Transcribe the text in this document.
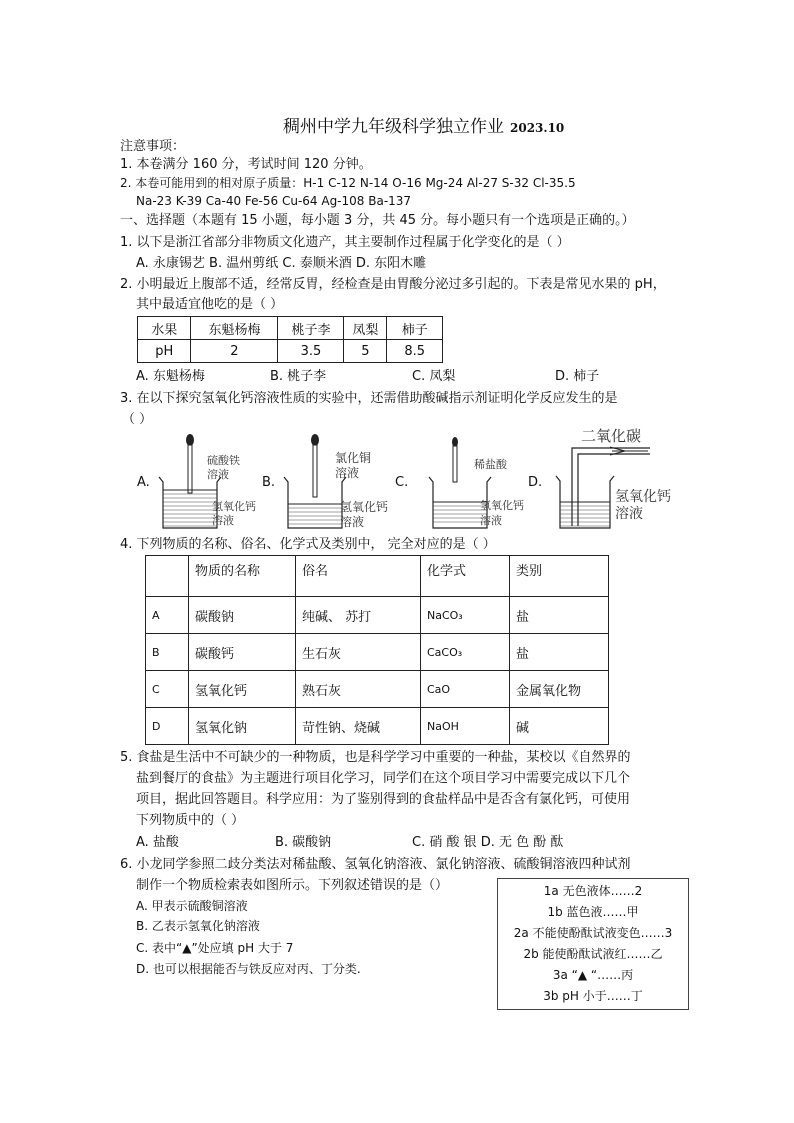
稠州中学九年级科学独立作业 2023.10
注意事项：
1. 本卷满分 160 分，考试时间 120 分钟。
2. 本卷可能用到的相对原子质量：H-1 C-12 N-14 O-16 Mg-24 Al-27 S-32 Cl-35.5
Na-23 K-39 Ca-40 Fe-56 Cu-64 Ag-108 Ba-137
一、选择题（本题有 15 小题，每小题 3 分，共 45 分。每小题只有一个选项是正确的。）
1. 以下是浙江省部分非物质文化遗产，其主要制作过程属于化学变化的是（ ）
A. 永康锡艺 B. 温州剪纸 C. 泰顺米酒 D. 东阳木雕
2. 小明最近上腹部不适，经常反胃，经检查是由胃酸分泌过多引起的。下表是常见水果的 pH，
其中最适宜他吃的是（ ）
水果	东魁杨梅	桃子李	凤梨	柿子
pH	2	3.5	5	8.5
A. 东魁杨梅	B. 桃子李	C. 凤梨	D. 柿子
3. 在以下探究氢氧化钙溶液性质的实验中，还需借助酸碱指示剂证明化学反应发生的是
（ ）
A.
硫酸铁
溶液
氢氧化钙
溶液
B.
氯化铜
溶液
氢氧化钙
溶液
C.
稀盐酸
氢氧化钙
溶液
D.
二氧化碳
氢氧化钙
溶液
4. 下列物质的名称、俗名、化学式及类别中， 完全对应的是（ ）
	物质的名称	俗名	化学式	类别
A	碳酸钠	纯碱、 苏打	NaCO₃	盐
B	碳酸钙	生石灰	CaCO₃	盐
C	氢氧化钙	熟石灰	CaO	金属氧化物
D	氢氧化钠	苛性钠、烧碱	NaOH	碱
5. 食盐是生活中不可缺少的一种物质，也是科学学习中重要的一种盐，某校以《自然界的
盐到餐厅的食盐》为主题进行项目化学习，同学们在这个项目学习中需要完成以下几个
项目，据此回答题目。科学应用：为了鉴别得到的食盐样品中是否含有氯化钙，可使用
下列物质中的（ ）
A. 盐酸	B. 碳酸钠	C. 硝 酸 银 D. 无 色 酚 酞
6. 小龙同学参照二歧分类法对稀盐酸、氢氧化钠溶液、氯化钠溶液、硫酸铜溶液四种试剂
制作一个物质检索表如图所示。下列叙述错误的是（）
A. 甲表示硫酸铜溶液
B. 乙表示氢氧化钠溶液
C. 表中“▲”处应填 pH 大于 7
D. 也可以根据能否与铁反应对丙、丁分类.
1a 无色液体……2
1b 蓝色液……甲
2a 不能使酚酞试液变色……3
2b 能使酚酞试液红……乙
3a “▲ “……丙
3b pH 小于……丁
